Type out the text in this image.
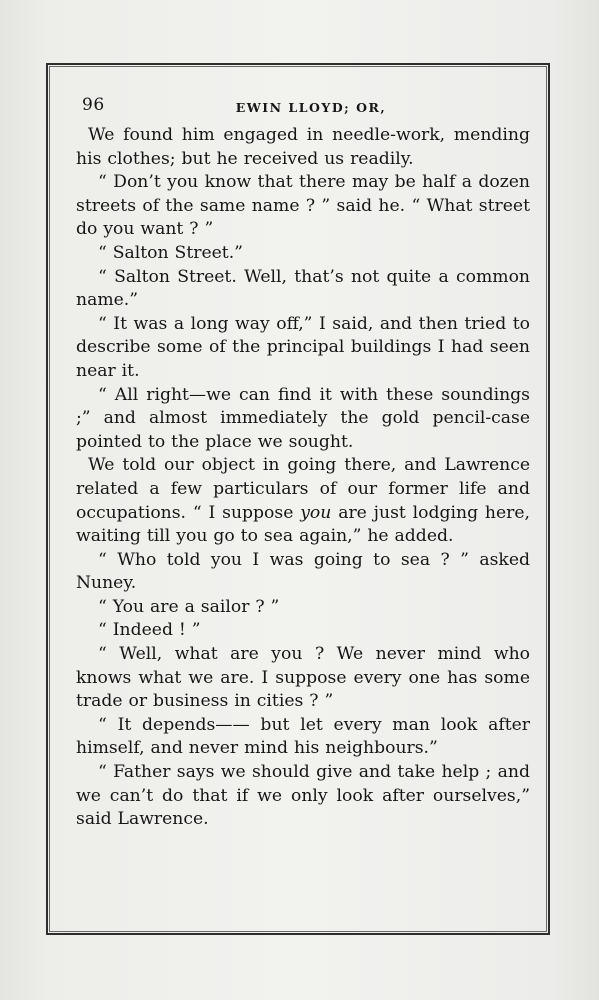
96	EWIN LLOYD; OR,

We found him engaged in needle-work, mending his clothes; but he received us readily.

“ Don’t you know that there may be half a dozen streets of the same name ? ” said he. “ What street do you want ? ”

“ Salton Street.”

“ Salton Street. Well, that’s not quite a common name.”

“ It was a long way off,” I said, and then tried to describe some of the principal buildings I had seen near it.

“ All right—we can find it with these soundings ;” and almost immediately the gold pencil-case pointed to the place we sought.

We told our object in going there, and Lawrence related a few particulars of our former life and occupations. “ I suppose you are just lodging here, waiting till you go to sea again,” he added.

“ Who told you I was going to sea ? ” asked Nuney.

“ You are a sailor ? ”

“ Indeed ! ”

“ Well, what are you ? We never mind who knows what we are. I suppose every one has some trade or business in cities ? ”

“ It depends—— but let every man look after himself, and never mind his neighbours.”

“ Father says we should give and take help ; and we can’t do that if we only look after ourselves,” said Lawrence.
